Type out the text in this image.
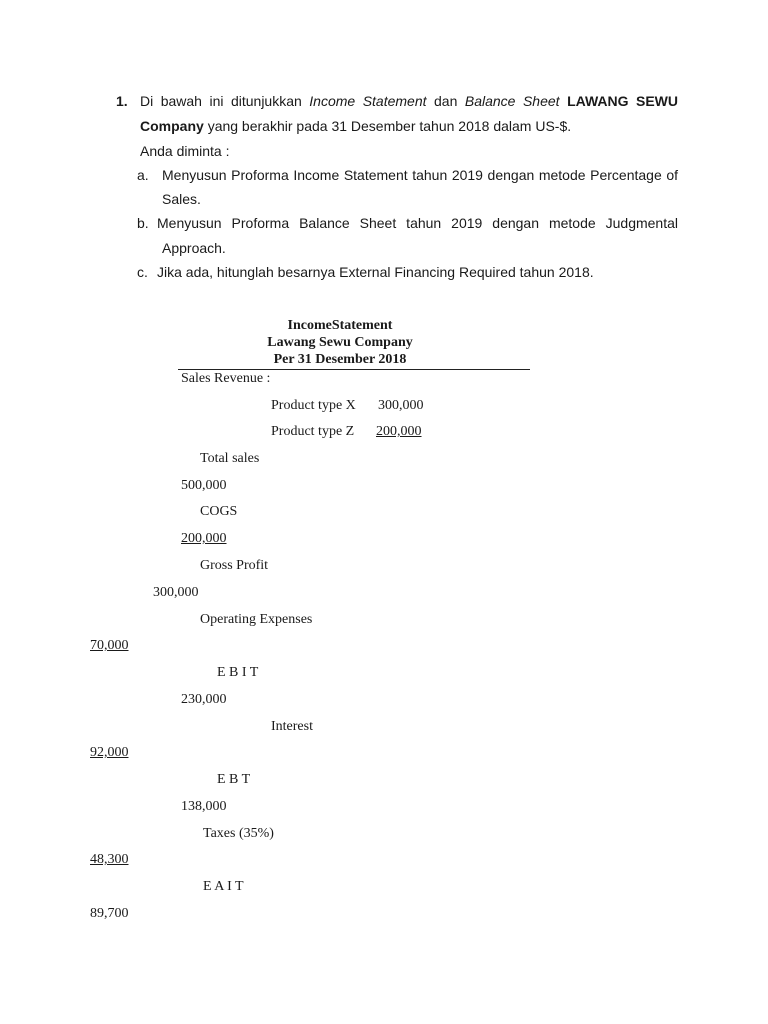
1. Di bawah ini ditunjukkan Income Statement dan Balance Sheet LAWANG SEWU
Company yang berakhir pada 31 Desember tahun 2018 dalam US-$.
Anda diminta :
a. Menyusun Proforma Income Statement tahun 2019 dengan metode Percentage of
Sales.
b. Menyusun Proforma Balance Sheet tahun 2019 dengan metode Judgmental
Approach.
c. Jika ada, hitunglah besarnya External Financing Required tahun 2018.
IncomeStatement
Lawang Sewu Company
Per 31 Desember 2018
Sales Revenue :
Product type X 300,000
Product type Z 200,000
Total sales
500,000
COGS
200,000
Gross Profit
300,000
Operating Expenses
70,000
E B I T
230,000
Interest
92,000
E B T
138,000
Taxes (35%)
48,300
E A I T
89,700
